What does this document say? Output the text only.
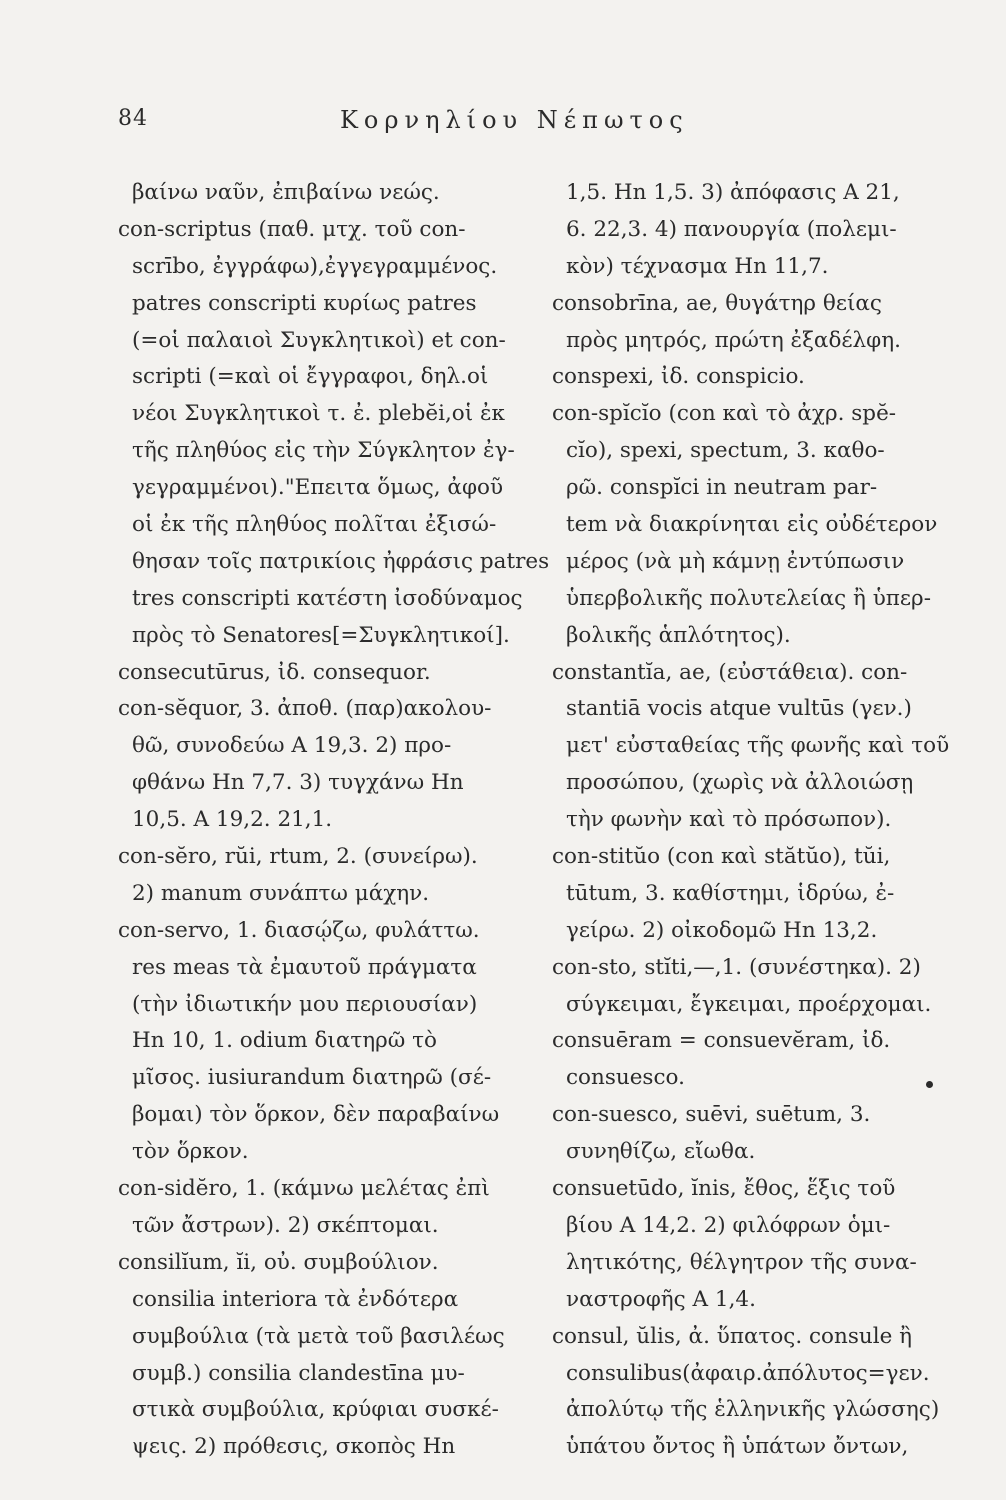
84	Κορνηλίου Νέπωτος
βαίνω ναῦν, ἐπιβαίνω νεώς.
con-scriptus (παθ. μτχ. τοῦ con-
scrībo, ἐγγράφω),ἐγγεγραμμένος.
patres conscripti κυρίως patres
(=οἱ παλαιοὶ Συγκλητικοὶ) et con-
scripti (=καὶ οἱ ἔγγραφοι, δηλ.οἱ
νέοι Συγκλητικοὶ τ. ἐ. plebĕi,οἱ ἐκ
τῆς πληθύος εἰς τὴν Σύγκλητον ἐγ-
γεγραμμένοι)."Επειτα ὅμως, ἀφοῦ
οἱ ἐκ τῆς πληθύος πολῖται ἐξισώ-
θησαν τοῖς πατρικίοις ἠφράσις patres
tres conscripti κατέστη ἰσοδύναμος
πρὸς τὸ Senatores[=Συγκλητικοί].
consecutūrus, ἰδ. consequor.
con-sĕquor, 3. ἀποθ. (παρ)ακολου-
θῶ, συνοδεύω A 19,3. 2) προ-
φθάνω Hn 7,7. 3) τυγχάνω Hn
10,5. A 19,2. 21,1.
con-sĕro, rŭi, rtum, 2. (συνείρω).
2) manum συνάπτω μάχην.
con-servo, 1. διασῴζω, φυλάττω.
res meas τὰ ἐμαυτοῦ πράγματα
(τὴν ἰδιωτικήν μου περιουσίαν)
Hn 10, 1. odium διατηρῶ τὸ
μῖσος. iusiurandum διατηρῶ (σέ-
βομαι) τὸν ὅρκον, δὲν παραβαίνω
τὸν ὅρκον.
con-sidĕro, 1. (κάμνω μελέτας ἐπὶ
τῶν ἄστρων). 2) σκέπτομαι.
consilĭum, ĭi, οὐ. συμβούλιον.
consilia interiora τὰ ἐνδότερα
συμβούλια (τὰ μετὰ τοῦ βασιλέως
συμβ.) consilia clandestīna μυ-
στικὰ συμβούλια, κρύφιαι συσκέ-
ψεις. 2) πρόθεσις, σκοπὸς Hn
1,5. Hn 1,5. 3) ἀπόφασις A 21,
6. 22,3. 4) πανουργία (πολεμι-
κὸν) τέχνασμα Hn 11,7.
consobrīna, ae, θυγάτηρ θείας
πρὸς μητρός, πρώτη ἐξαδέλφη.
conspexi, ἰδ. conspicio.
con-spĭcĭo (con καὶ τὸ ἀχρ. spĕ-
cĭo), spexi, spectum, 3. καθο-
ρῶ. conspĭci in neutram par-
tem νὰ διακρίνηται εἰς οὐδέτερον
μέρος (νὰ μὴ κάμνῃ ἐντύπωσιν
ὑπερβολικῆς πολυτελείας ἢ ὑπερ-
βολικῆς ἁπλότητος).
constantĭa, ae, (εὐστάθεια). con-
stantiā vocis atque vultūs (γεν.)
μετ' εὐσταθείας τῆς φωνῆς καὶ τοῦ
προσώπου, (χωρὶς νὰ ἀλλοιώσῃ
τὴν φωνὴν καὶ τὸ πρόσωπον).
con-stitŭo (con καὶ stătŭo), tŭi,
tūtum, 3. καθίστημι, ἱδρύω, ἐ-
γείρω. 2) οἰκοδομῶ Hn 13,2.
con-sto, stĭti,—,1. (συνέστηκα). 2)
σύγκειμαι, ἔγκειμαι, προέρχομαι.
consuēram = consuevĕram, ἰδ.
consuesco.
con-suesco, suēvi, suētum, 3.
συνηθίζω, εἴωθα.
consuetūdo, ĭnis, ἔθος, ἕξις τοῦ
βίου A 14,2. 2) φιλόφρων ὁμι-
λητικότης, θέλγητρον τῆς συνα-
ναστροφῆς A 1,4.
consul, ŭlis, ἀ. ὕπατος. consule ἢ
consulibus(ἀφαιρ.ἀπόλυτος=γεν.
ἀπολύτῳ τῆς ἑλληνικῆς γλώσσης)
ὑπάτου ὄντος ἢ ὑπάτων ὄντων,
